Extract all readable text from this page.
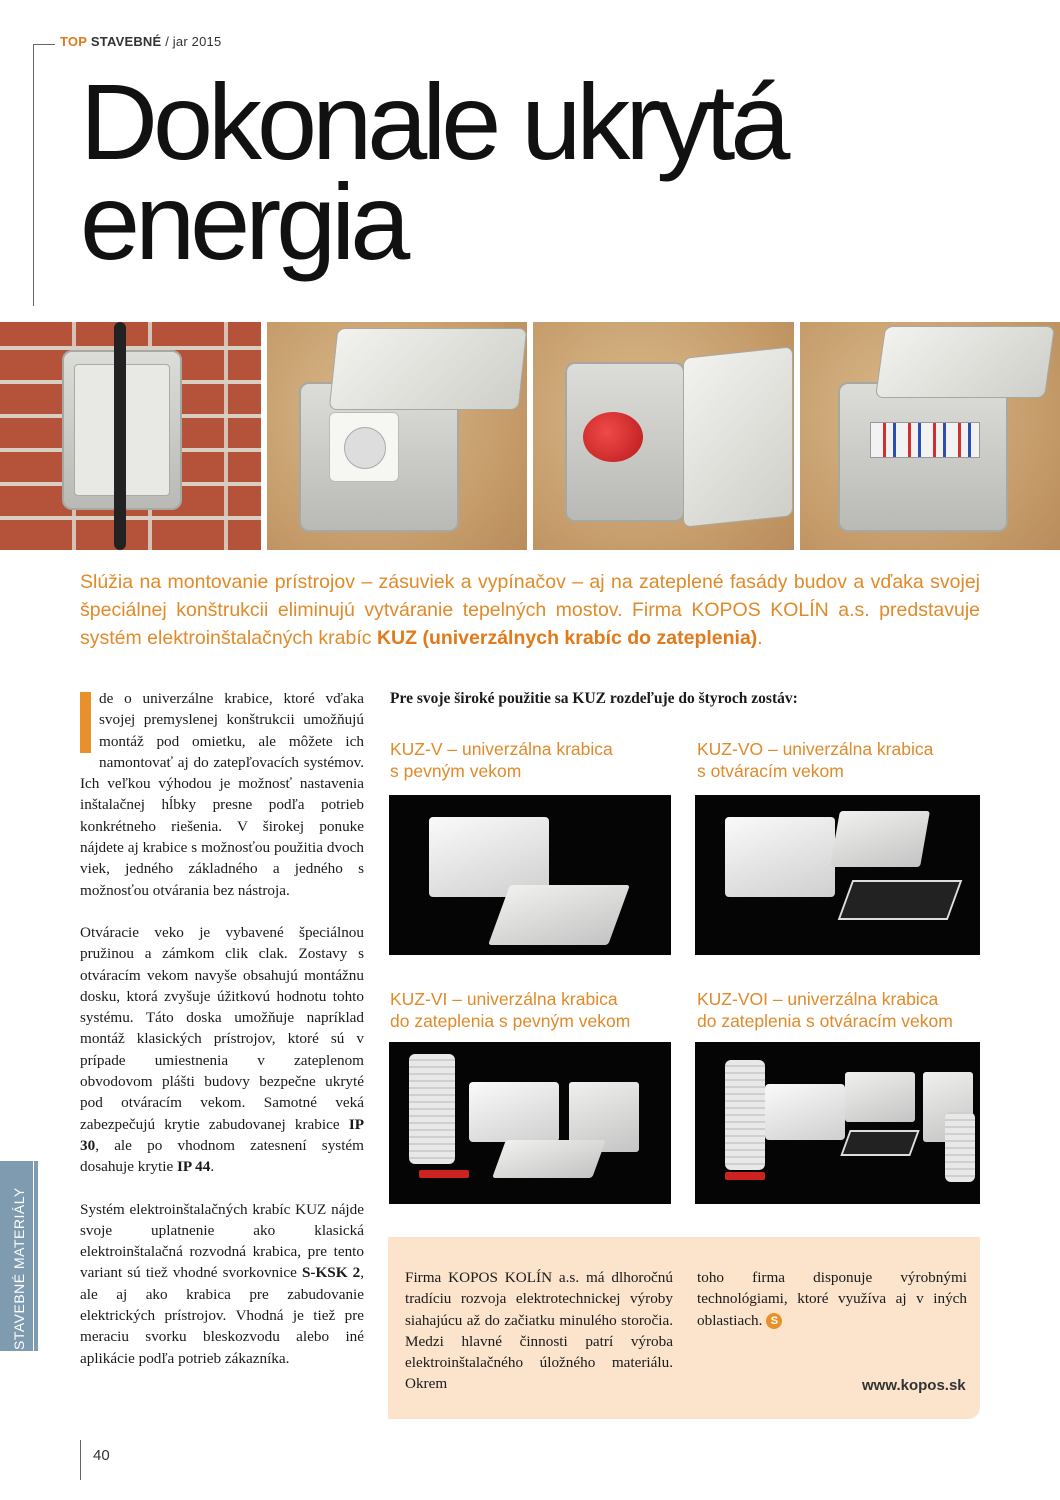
TOP STAVEBNÉ / jar 2015
Dokonale ukrytá
energia
Slúžia na montovanie prístrojov – zásuviek a vypínačov – aj na zateplené fasády budov a vďaka svojej špeciálnej konštrukcii eliminujú vytváranie tepelných mostov. Firma KOPOS KOLÍN a.s. predstavuje systém elektroinštalačných krabíc KUZ (univerzálnych krabíc do zateplenia).

de o univerzálne krabice, ktoré vďaka svojej premyslenej konštrukcii umožňujú montáž pod omietku, ale môžete ich namontovať aj do zatepľovacích systémov. Ich veľkou výhodou je možnosť nastavenia inštalačnej hĺbky presne podľa potrieb konkrétneho riešenia. V širokej ponuke nájdete aj krabice s možnosťou použitia dvoch viek, jedného základného a jedného s možnosťou otvárania bez nástroja.

Otváracie veko je vybavené špeciálnou pružinou a zámkom clik clak. Zostavy s otváracím vekom navyše obsahujú montážnu dosku, ktorá zvyšuje úžitkovú hodnotu tohto systému. Táto doska umožňuje napríklad montáž klasických prístrojov, ktoré sú v prípade umiestnenia v zateplenom obvodovom plášti budovy bezpečne ukryté pod otváracím vekom. Samotné veká zabezpečujú krytie zabudovanej krabice IP 30, ale po vhodnom zatesnení systém dosahuje krytie IP 44.

Systém elektroinštalačných krabíc KUZ nájde svoje uplatnenie ako klasická elektroinštalačná rozvodná krabica, pre tento variant sú tiež vhodné svorkovnice S-KSK 2, ale aj ako krabica pre zabudovanie elektrických prístrojov. Vhodná je tiež pre meraciu svorku bleskozvodu alebo iné aplikácie podľa potrieb zákazníka.

Pre svoje široké použitie sa KUZ rozdeľuje do štyroch zostáv:
KUZ-V – univerzálna krabica
s pevným vekom
KUZ-VO – univerzálna krabica
s otváracím vekom
KUZ-VI – univerzálna krabica
do zateplenia s pevným vekom
KUZ-VOI – univerzálna krabica
do zateplenia s otváracím vekom
Firma KOPOS KOLÍN a.s. má dlhoročnú tradíciu rozvoja elektrotechnickej výroby siahajúcu až do začiatku minulého storočia. Medzi hlavné činnosti patrí výroba elektroinštalačného úložného materiálu. Okrem
toho firma disponuje výrobnými technológiami, ktoré využíva aj v iných oblastiach. S
www.kopos.sk
STAVEBNÉ MATERIÁLY
40
